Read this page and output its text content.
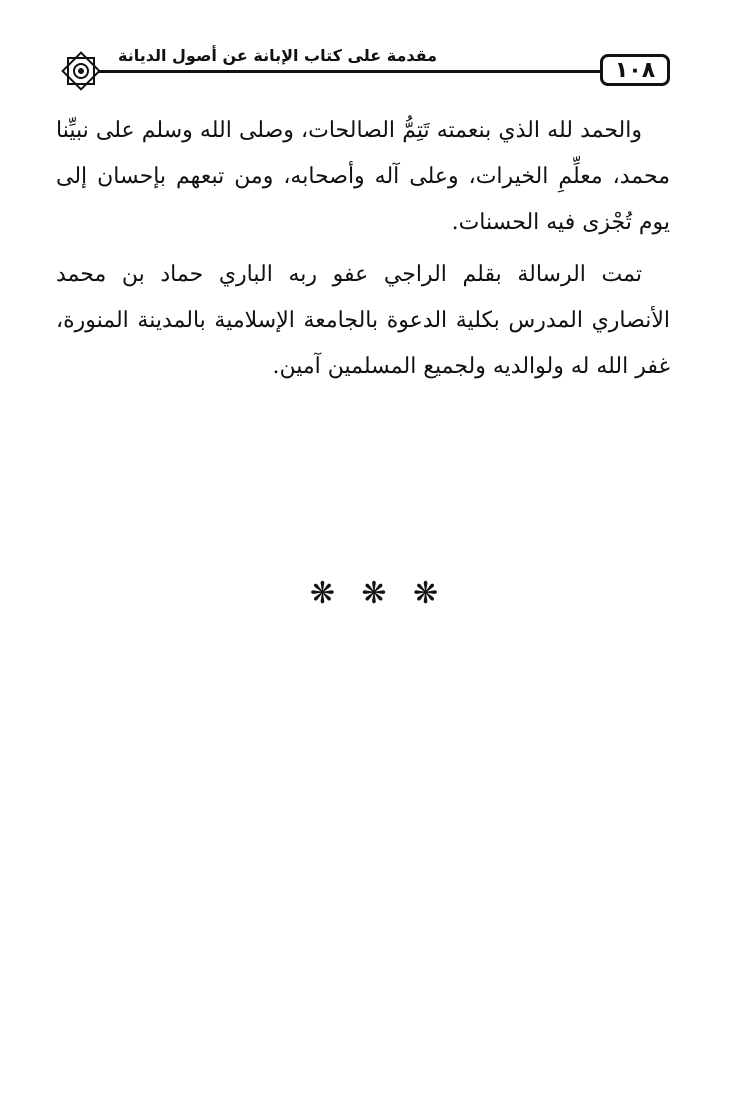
مقدمة على كتاب الإبانة عن أصول الديانة
١٠٨

والحمد لله الذي بنعمته تَتِمُّ الصالحات، وصلى الله وسلم على نبيِّنا محمد، معلِّمِ الخيرات، وعلى آله وأصحابه، ومن تبعهم بإحسان إلى يوم تُجْزى فيه الحسنات.

تمت الرسالة بقلم الراجي عفو ربه الباري حماد بن محمد الأنصاري المدرس بكلية الدعوة بالجامعة الإسلامية بالمدينة المنورة، غفر الله له ولوالديه ولجميع المسلمين آمين.

❋ ❋ ❋
